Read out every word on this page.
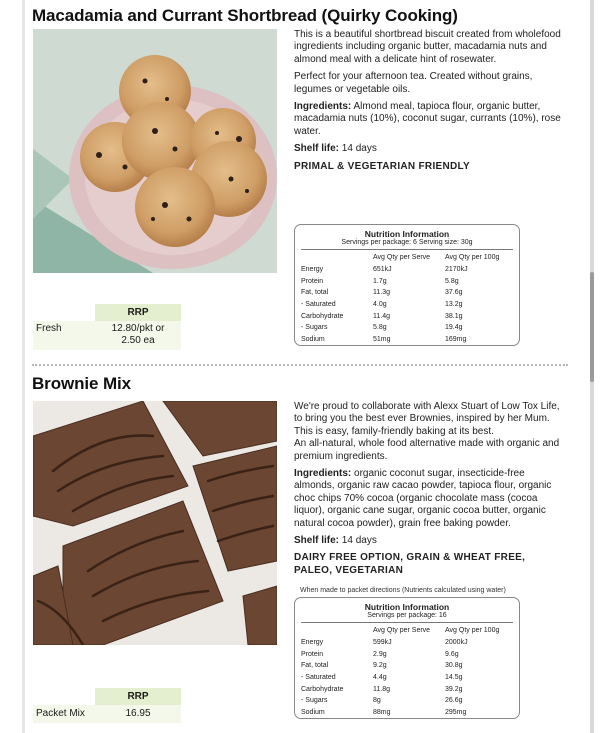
Macadamia and Currant Shortbread (Quirky Cooking)

This is a beautiful shortbread biscuit created from wholefood ingredients including organic butter, macadamia nuts and almond meal with a delicate hint of rosewater.

Perfect for your afternoon tea. Created without grains, legumes or vegetable oils.

Ingredients: Almond meal, tapioca flour, organic butter, macadamia nuts (10%), coconut sugar, currants (10%), rose water.

Shelf life: 14 days

PRIMAL & VEGETARIAN FRIENDLY
Nutrition Information
Servings per package: 6 Serving size: 30g
	Avg Qty per Serve	Avg Qty per 100g
Energy	651kJ	2170kJ
Protein	1.7g	5.8g
Fat, total	11.3g	37.6g
- Saturated	4.0g	13.2g
Carbohydrate	11.4g	38.1g
- Sugars	5.8g	19.4g
Sodium	51mg	169mg
RRP
Fresh	12.80/pkt or
2.50 ea
Brownie Mix

We're proud to collaborate with Alexx Stuart of Low Tox Life, to bring you the best ever Brownies, inspired by her Mum. This is easy, family-friendly baking at its best.

An all-natural, whole food alternative made with organic and premium ingredients.

Ingredients: organic coconut sugar, insecticide-free almonds, organic raw cacao powder, tapioca flour, organic choc chips 70% cocoa (organic chocolate mass (cocoa liquor), organic cane sugar, organic cocoa butter, organic natural cocoa powder), grain free baking powder.

Shelf life: 14 days

DAIRY FREE OPTION, GRAIN & WHEAT FREE,
PALEO, VEGETARIAN
When made to packet directions (Nutrients calculated using water)
Nutrition Information
Servings per package: 16
	Avg Qty per Serve	Avg Qty per 100g
Energy	599kJ	2000kJ
Protein	2.9g	9.6g
Fat, total	9.2g	30.8g
- Saturated	4.4g	14.5g
Carbohydrate	11.8g	39.2g
- Sugars	8g	26.6g
Sodium	88mg	295mg
RRP
Packet Mix	16.95
